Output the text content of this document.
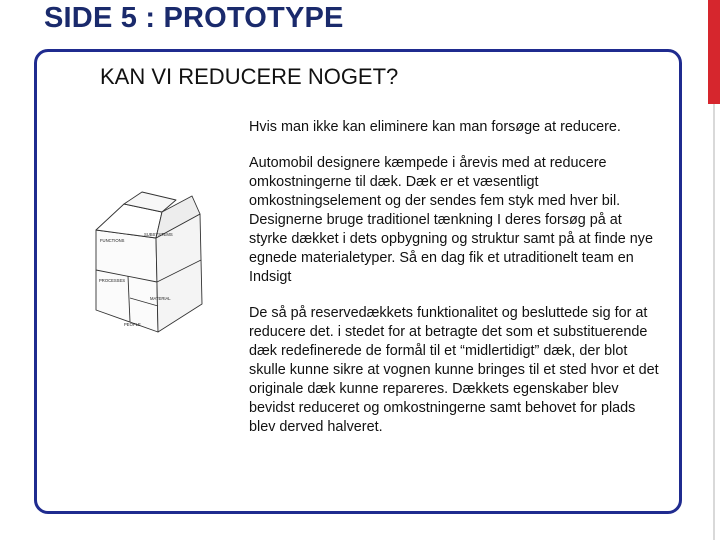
SIDE 5 : PROTOTYPE
KAN VI REDUCERE NOGET?
FUNCTIONS
SUBSYSTEMS
PROCESSES
MATERIAL
PEOPLE

Hvis man ikke kan eliminere kan man forsøge at reducere.

Automobil designere kæmpede i årevis med at reducere omkostningerne til dæk. Dæk er et væsentligt omkostningselement og der sendes fem styk med hver bil. Designerne bruge traditionel tænkning I deres forsøg på at styrke dækket i dets opbygning og struktur samt på at finde nye egnede materialetyper. Så en dag fik et utraditionelt team en Indsigt

De så på reservedækkets funktionalitet og besluttede sig for at reducere det. i stedet for at betragte det som et substituerende dæk redefinerede de formål til et “midlertidigt” dæk, der blot skulle kunne sikre at vognen kunne bringes til et sted hvor et det originale dæk kunne repareres. Dækkets egenskaber blev bevidst reduceret og omkostningerne samt behovet for plads blev derved halveret.
